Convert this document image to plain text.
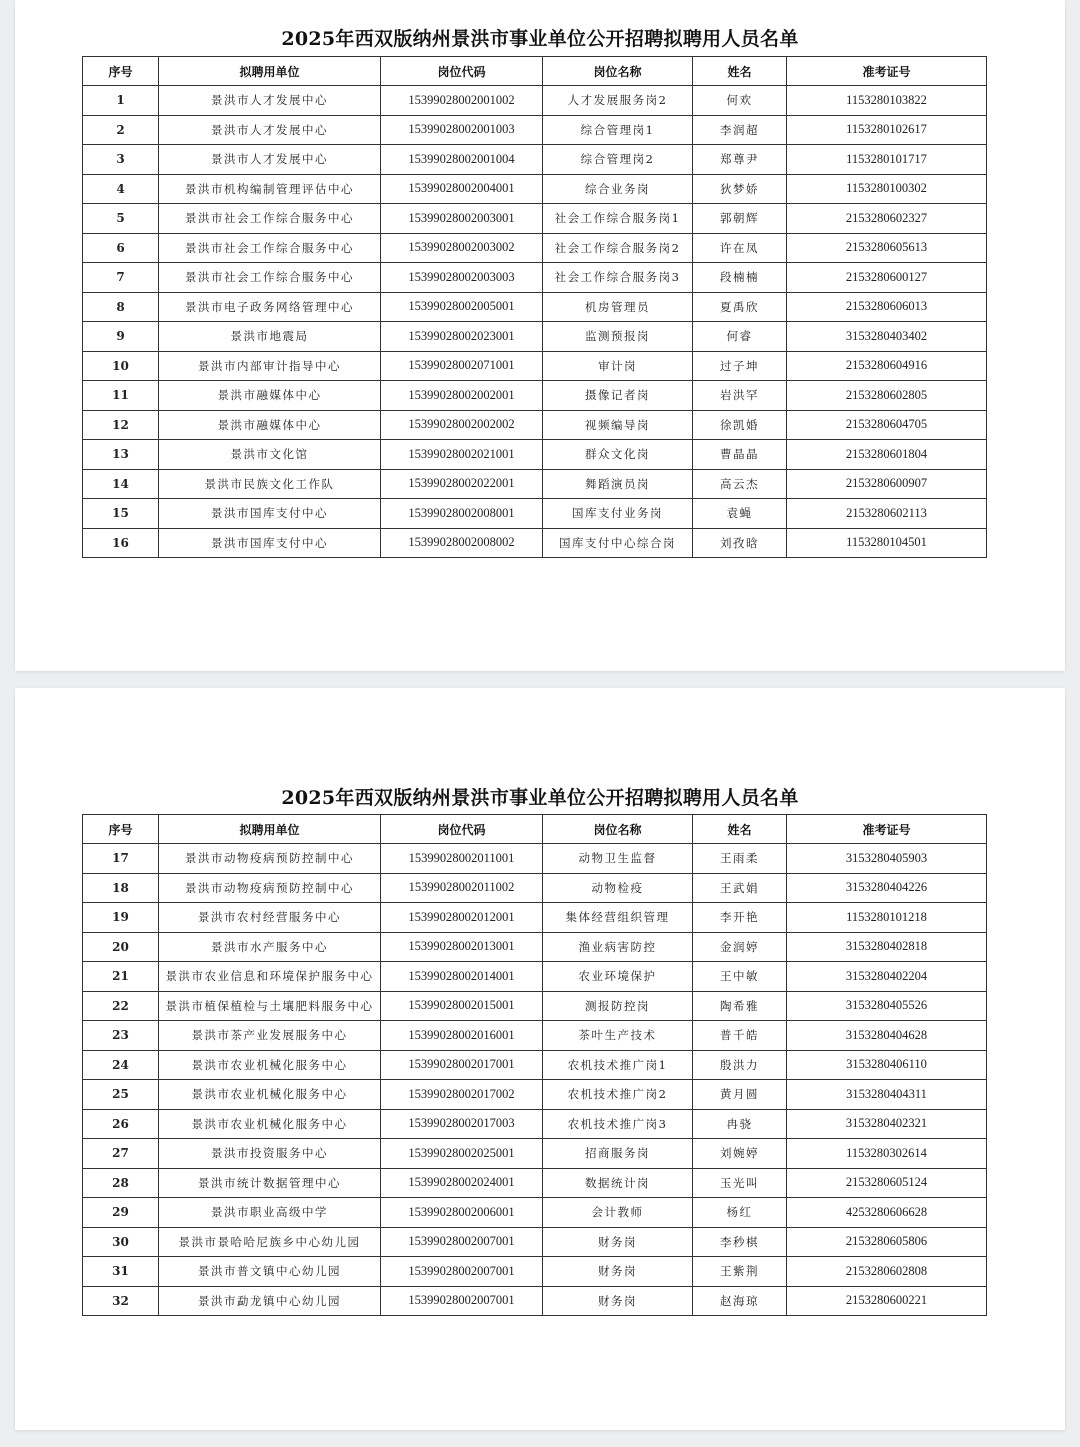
2025年西双版纳州景洪市事业单位公开招聘拟聘用人员名单
序号	拟聘用单位	岗位代码	岗位名称	姓名	准考证号
1	景洪市人才发展中心	15399028002001002	人才发展服务岗2	何欢	1153280103822
2	景洪市人才发展中心	15399028002001003	综合管理岗1	李润超	1153280102617
3	景洪市人才发展中心	15399028002001004	综合管理岗2	郑尊尹	1153280101717
4	景洪市机构编制管理评估中心	15399028002004001	综合业务岗	狄梦娇	1153280100302
5	景洪市社会工作综合服务中心	15399028002003001	社会工作综合服务岗1	郭朝辉	2153280602327
6	景洪市社会工作综合服务中心	15399028002003002	社会工作综合服务岗2	许在凤	2153280605613
7	景洪市社会工作综合服务中心	15399028002003003	社会工作综合服务岗3	段楠楠	2153280600127
8	景洪市电子政务网络管理中心	15399028002005001	机房管理员	夏禹欣	2153280606013
9	景洪市地震局	15399028002023001	监测预报岗	何睿	3153280403402
10	景洪市内部审计指导中心	15399028002071001	审计岗	过子坤	2153280604916
11	景洪市融媒体中心	15399028002002001	摄像记者岗	岩洪罕	2153280602805
12	景洪市融媒体中心	15399028002002002	视频编导岗	徐凯婚	2153280604705
13	景洪市文化馆	15399028002021001	群众文化岗	曹晶晶	2153280601804
14	景洪市民族文化工作队	15399028002022001	舞蹈演员岗	高云杰	2153280600907
15	景洪市国库支付中心	15399028002008001	国库支付业务岗	袁蝇	2153280602113
16	景洪市国库支付中心	15399028002008002	国库支付中心综合岗	刘孜晗	1153280104501
2025年西双版纳州景洪市事业单位公开招聘拟聘用人员名单
序号	拟聘用单位	岗位代码	岗位名称	姓名	准考证号
17	景洪市动物疫病预防控制中心	15399028002011001	动物卫生监督	王雨柔	3153280405903
18	景洪市动物疫病预防控制中心	15399028002011002	动物检疫	王武娟	3153280404226
19	景洪市农村经营服务中心	15399028002012001	集体经营组织管理	李开艳	1153280101218
20	景洪市水产服务中心	15399028002013001	渔业病害防控	金润婷	3153280402818
21	景洪市农业信息和环境保护服务中心	15399028002014001	农业环境保护	王中敏	3153280402204
22	景洪市植保植检与土壤肥料服务中心	15399028002015001	测报防控岗	陶希雅	3153280405526
23	景洪市茶产业发展服务中心	15399028002016001	茶叶生产技术	普千皓	3153280404628
24	景洪市农业机械化服务中心	15399028002017001	农机技术推广岗1	殷洪力	3153280406110
25	景洪市农业机械化服务中心	15399028002017002	农机技术推广岗2	黄月圆	3153280404311
26	景洪市农业机械化服务中心	15399028002017003	农机技术推广岗3	冉骁	3153280402321
27	景洪市投资服务中心	15399028002025001	招商服务岗	刘婉婷	1153280302614
28	景洪市统计数据管理中心	15399028002024001	数据统计岗	玉光叫	2153280605124
29	景洪市职业高级中学	15399028002006001	会计教师	杨红	4253280606628
30	景洪市景哈哈尼族乡中心幼儿园	15399028002007001	财务岗	李秒棋	2153280605806
31	景洪市普文镇中心幼儿园	15399028002007001	财务岗	王紫荆	2153280602808
32	景洪市勐龙镇中心幼儿园	15399028002007001	财务岗	赵海琼	2153280600221
